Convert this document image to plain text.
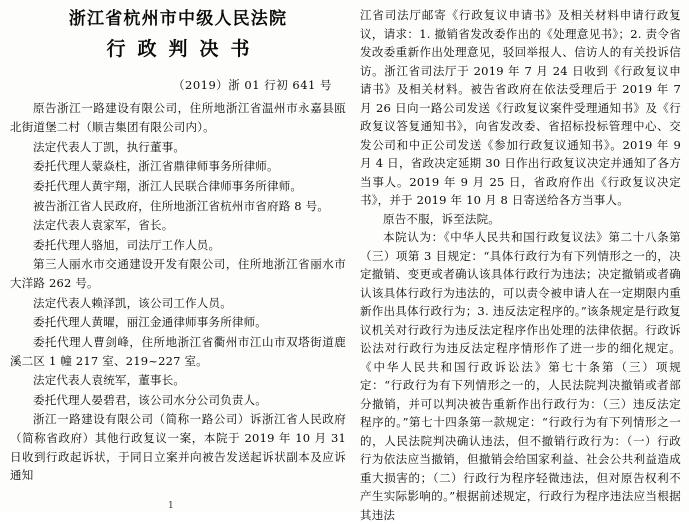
浙江省杭州市中级人民法院
行政判决书
（2019）浙 01 行初 641 号

原告浙江一路建设有限公司，住所地浙江省温州市永嘉县瓯北街道堡二村（顺吉集团有限公司内）。

法定代表人丁凯，执行董事。

委托代理人蒙焱柱，浙江省鼎律师事务所律师。

委托代理人黄宇翔，浙江人民联合律师事务所律师。

被告浙江省人民政府，住所地浙江省杭州市省府路 8 号。

法定代表人袁家军，省长。

委托代理人骆旭，司法厅工作人员。

第三人丽水市交通建设开发有限公司，住所地浙江省丽水市大洋路 262 号。

法定代表人赖泽凯，该公司工作人员。

委托代理人黄曜，丽江金通律师事务所律师。

委托代理人曹剑峰，住所地浙江省衢州市江山市双塔街道鹿溪二区 1 幢 217 室、219~227 室。

法定代表人袁统军，董事长。

委托代理人晏碧君，该公司水分公司负责人。

浙江一路建设有限公司（简称一路公司）诉浙江省人民政府（简称省政府）其他行政复议一案，本院于 2019 年 10 月 31 日收到行政起诉状，于同日立案并向被告发送起诉状副本及应诉通知

江省司法厅邮寄《行政复议申请书》及相关材料申请行政复议，请求：1. 撤销省发改委作出的《处理意见书》；2. 责令省发改委重新作出处理意见，驳回举报人、信访人的有关投诉信访。浙江省司法厅于 2019 年 7 月 24 日收到《行政复议申请书》及相关材料。被告省政府在依法受理后于 2019 年 7 月 26 日向一路公司发送《行政复议案件受理通知书》及《行政复议答复通知书》，向省发改委、省招标投标管理中心、交发公司和中正公司发送《参加行政复议通知书》。2019 年 9 月 4 日，省政决定延期 30 日作出行政复议决定并通知了各方当事人。2019 年 9 月 25 日，省政府作出《行政复议决定书》，并于 2019 年 10 月 8 日寄送给各方当事人。

原告不服，诉至法院。

本院认为：《中华人民共和国行政复议法》第二十八条第（三）项第 3 目规定：“具体行政行为有下列情形之一的，决定撤销、变更或者确认该具体行政行为违法；决定撤销或者确认该具体行政行为违法的，可以责令被申请人在一定期限内重新作出具体行政行为；3. 违反法定程序的。”该条规定是行政复议机关对行政行为违反法定程序作出处理的法律依据。行政诉讼法对行政行为违反法定程序情形作了进一步的细化规定。《中华人民共和国行政诉讼法》第七十条第（三）项规定：“行政行为有下列情形之一的，人民法院判决撤销或者部分撤销，并可以判决被告重新作出行政行为：（三）违反法定程序的。”第七十四条第一款规定：“行政行为有下列情形之一的，人民法院判决确认违法，但不撤销行政行为：（一）行政行为依法应当撤销，但撤销会给国家利益、社会公共利益造成重大损害的；（二）行政行为程序轻微违法，但对原告权利不产生实际影响的。”根据前述规定，行政行为程序违法应当根据其违法

1
